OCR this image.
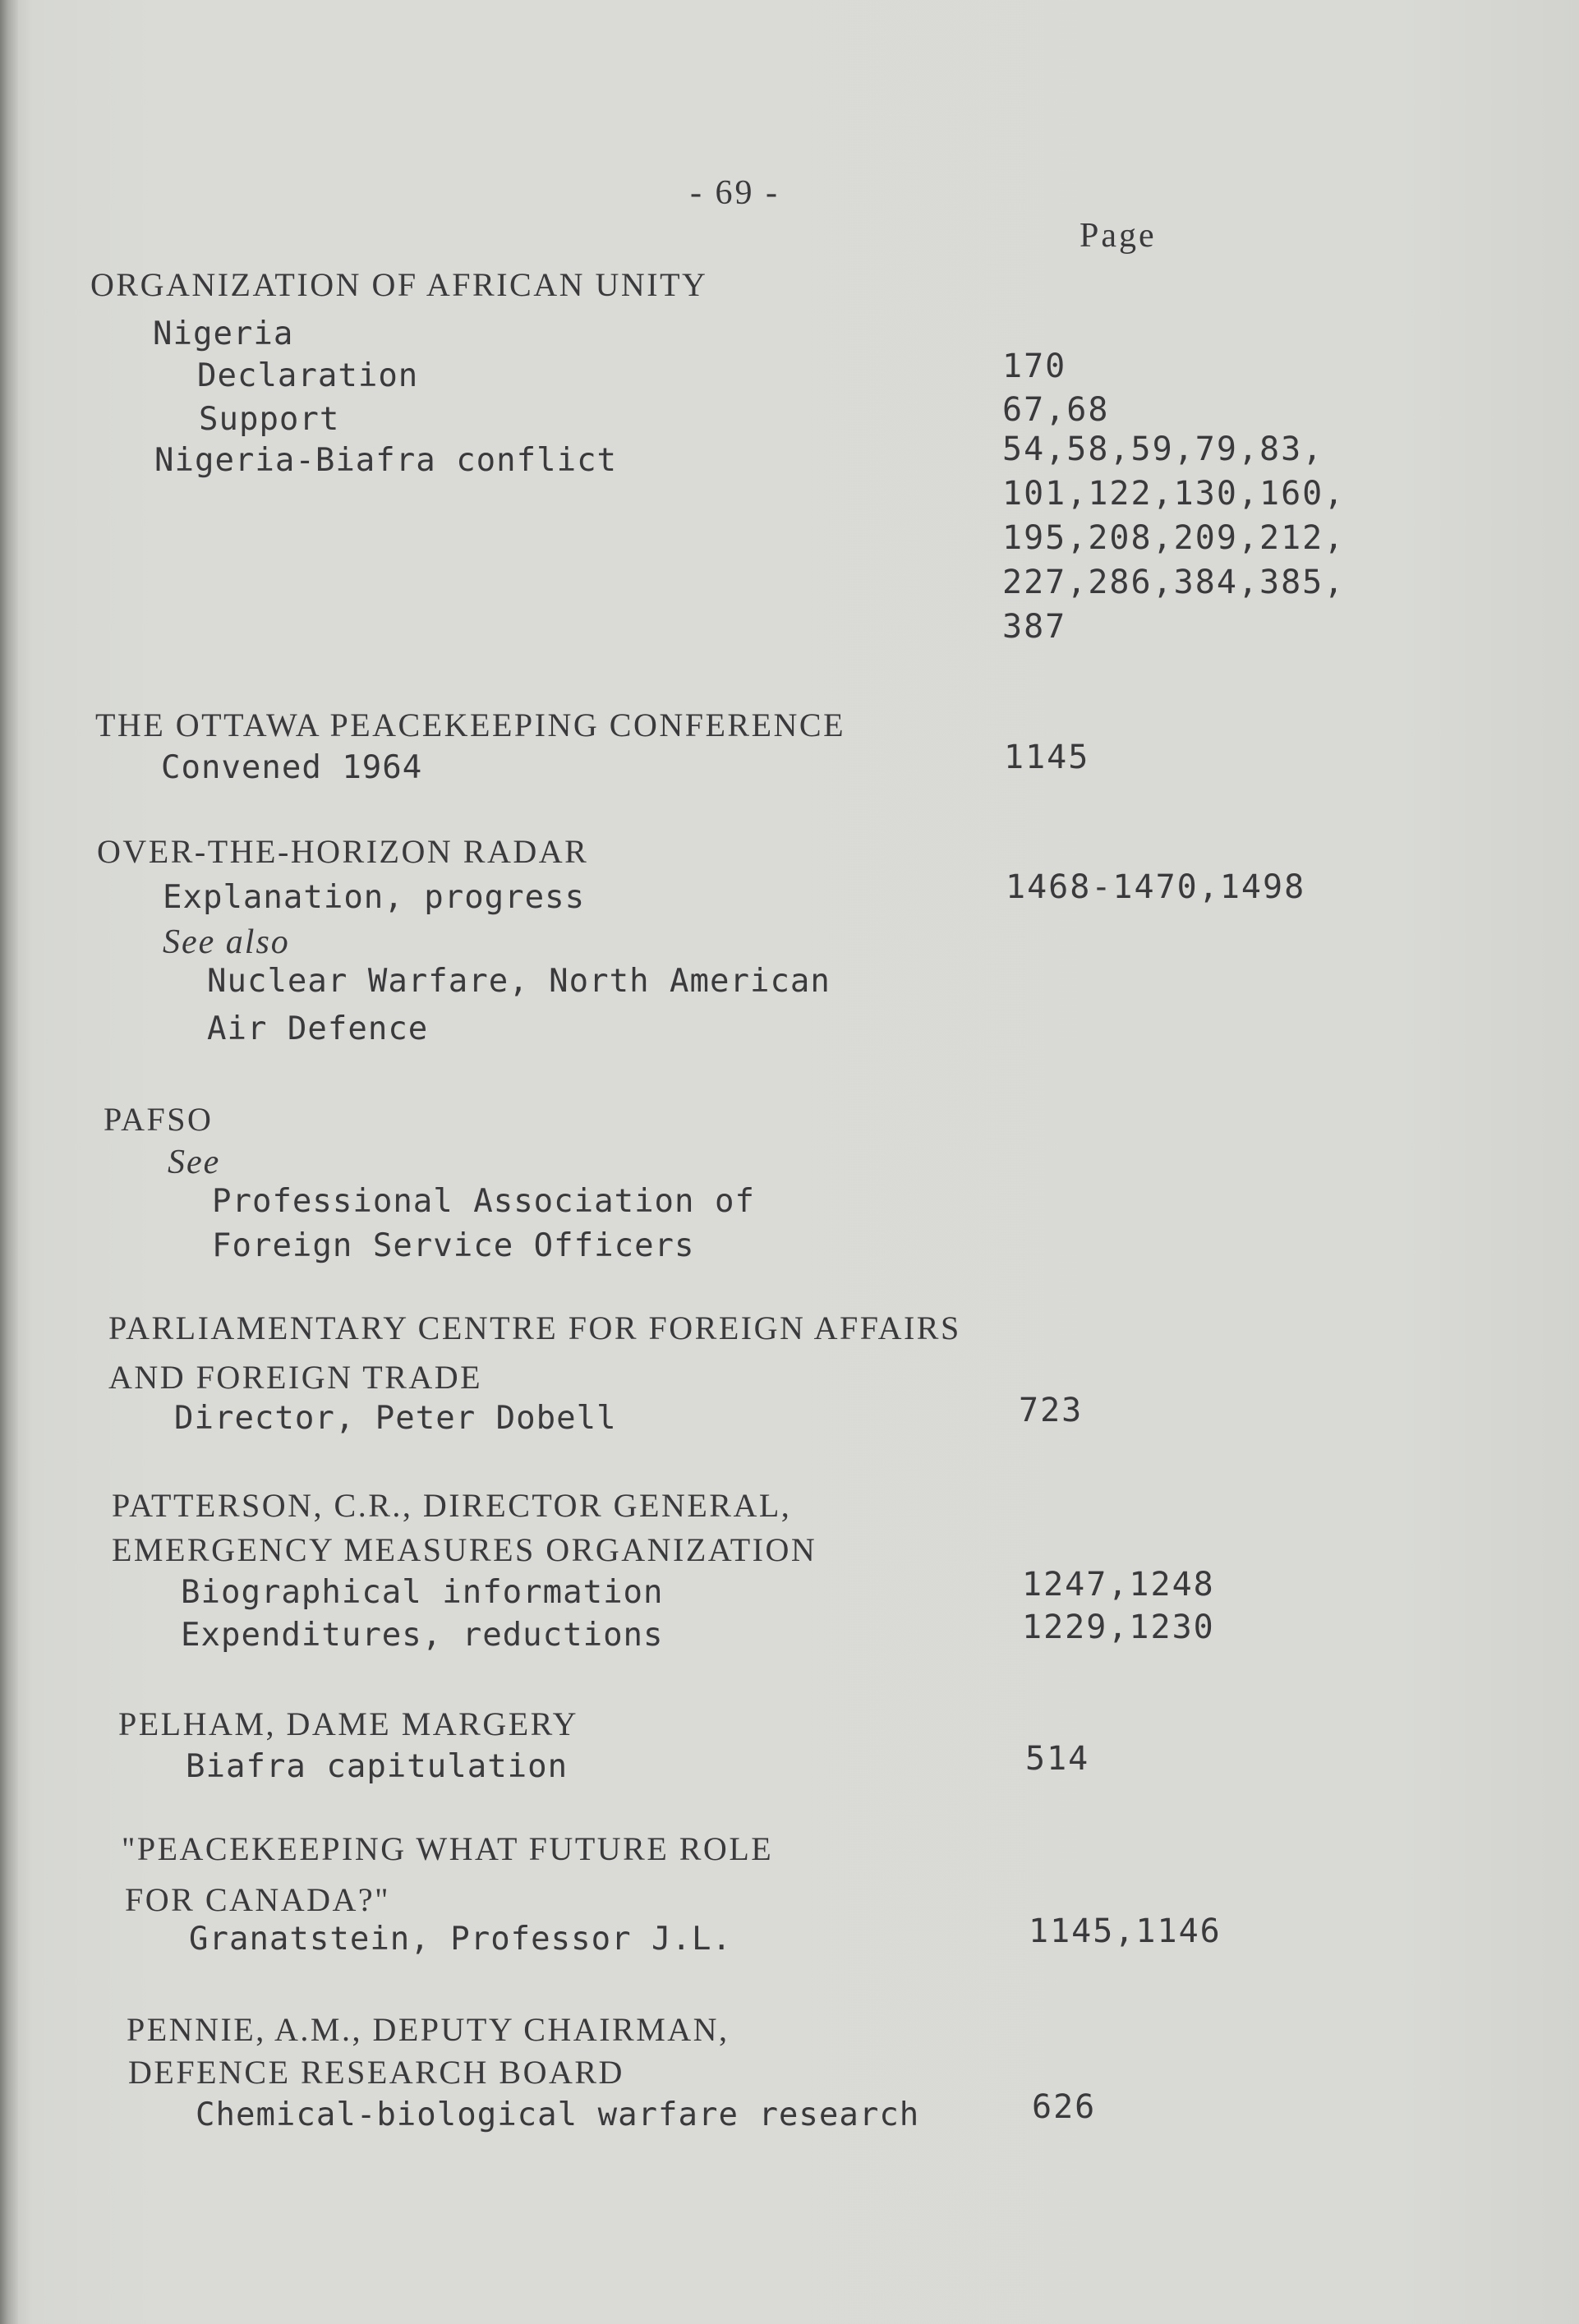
- 69 -
Page
ORGANIZATION OF AFRICAN UNITY
Nigeria
Declaration	170
Support	67,68
Nigeria-Biafra conflict	54,58,59,79,83,
101,122,130,160,
195,208,209,212,
227,286,384,385,
387
THE OTTAWA PEACEKEEPING CONFERENCE
Convened 1964	1145
OVER-THE-HORIZON RADAR
Explanation, progress	1468-1470,1498
See also
Nuclear Warfare, North American
Air Defence
PAFSO
See
Professional Association of
Foreign Service Officers
PARLIAMENTARY CENTRE FOR FOREIGN AFFAIRS
AND FOREIGN TRADE
Director, Peter Dobell	723
PATTERSON, C.R., DIRECTOR GENERAL,
EMERGENCY MEASURES ORGANIZATION
Biographical information	1247,1248
Expenditures, reductions	1229,1230
PELHAM, DAME MARGERY
Biafra capitulation	514
"PEACEKEEPING WHAT FUTURE ROLE
FOR CANADA?"
Granatstein, Professor J.L.	1145,1146
PENNIE, A.M., DEPUTY CHAIRMAN,
DEFENCE RESEARCH BOARD
Chemical-biological warfare research	626
